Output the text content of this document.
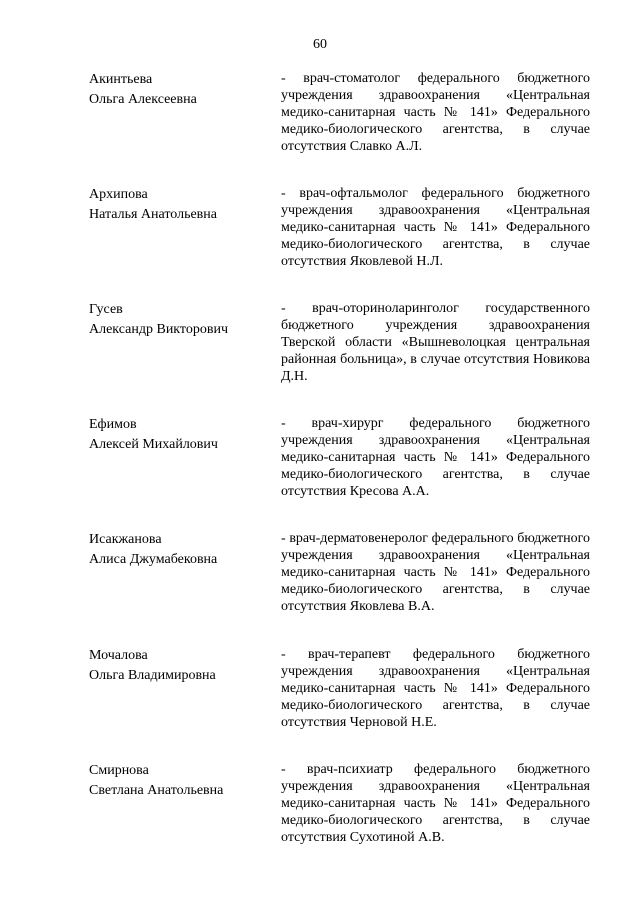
60
Акинтьева
Ольга Алексеевна
- врач-стоматолог федерального бюджетного учреждения здравоохранения «Центральная медико-санитарная часть № 141» Федерального медико-биологического агентства, в случае отсутствия Славко А.Л.
Архипова
Наталья Анатольевна
- врач-офтальмолог федерального бюджетного учреждения здравоохранения «Центральная медико-санитарная часть № 141» Федерального медико-биологического агентства, в случае отсутствия Яковлевой Н.Л.
Гусев
Александр Викторович
- врач-оториноларинголог государственного бюджетного учреждения здравоохранения Тверской области «Вышневолоцкая центральная районная больница», в случае отсутствия Новикова Д.Н.
Ефимов
Алексей Михайлович
- врач-хирург федерального бюджетного учреждения здравоохранения «Центральная медико-санитарная часть № 141» Федерального медико-биологического агентства, в случае отсутствия Кресова А.А.
Исакжанова
Алиса Джумабековна
- врач-дерматовенеролог федерального бюджетного учреждения здравоохранения «Центральная медико-санитарная часть № 141» Федерального медико-биологического агентства, в случае отсутствия Яковлева В.А.
Мочалова
Ольга Владимировна
- врач-терапевт федерального бюджетного учреждения здравоохранения «Центральная медико-санитарная часть № 141» Федерального медико-биологического агентства, в случае отсутствия Черновой Н.Е.
Смирнова
Светлана Анатольевна
- врач-психиатр федерального бюджетного учреждения здравоохранения «Центральная медико-санитарная часть № 141» Федерального медико-биологического агентства, в случае отсутствия Сухотиной А.В.
